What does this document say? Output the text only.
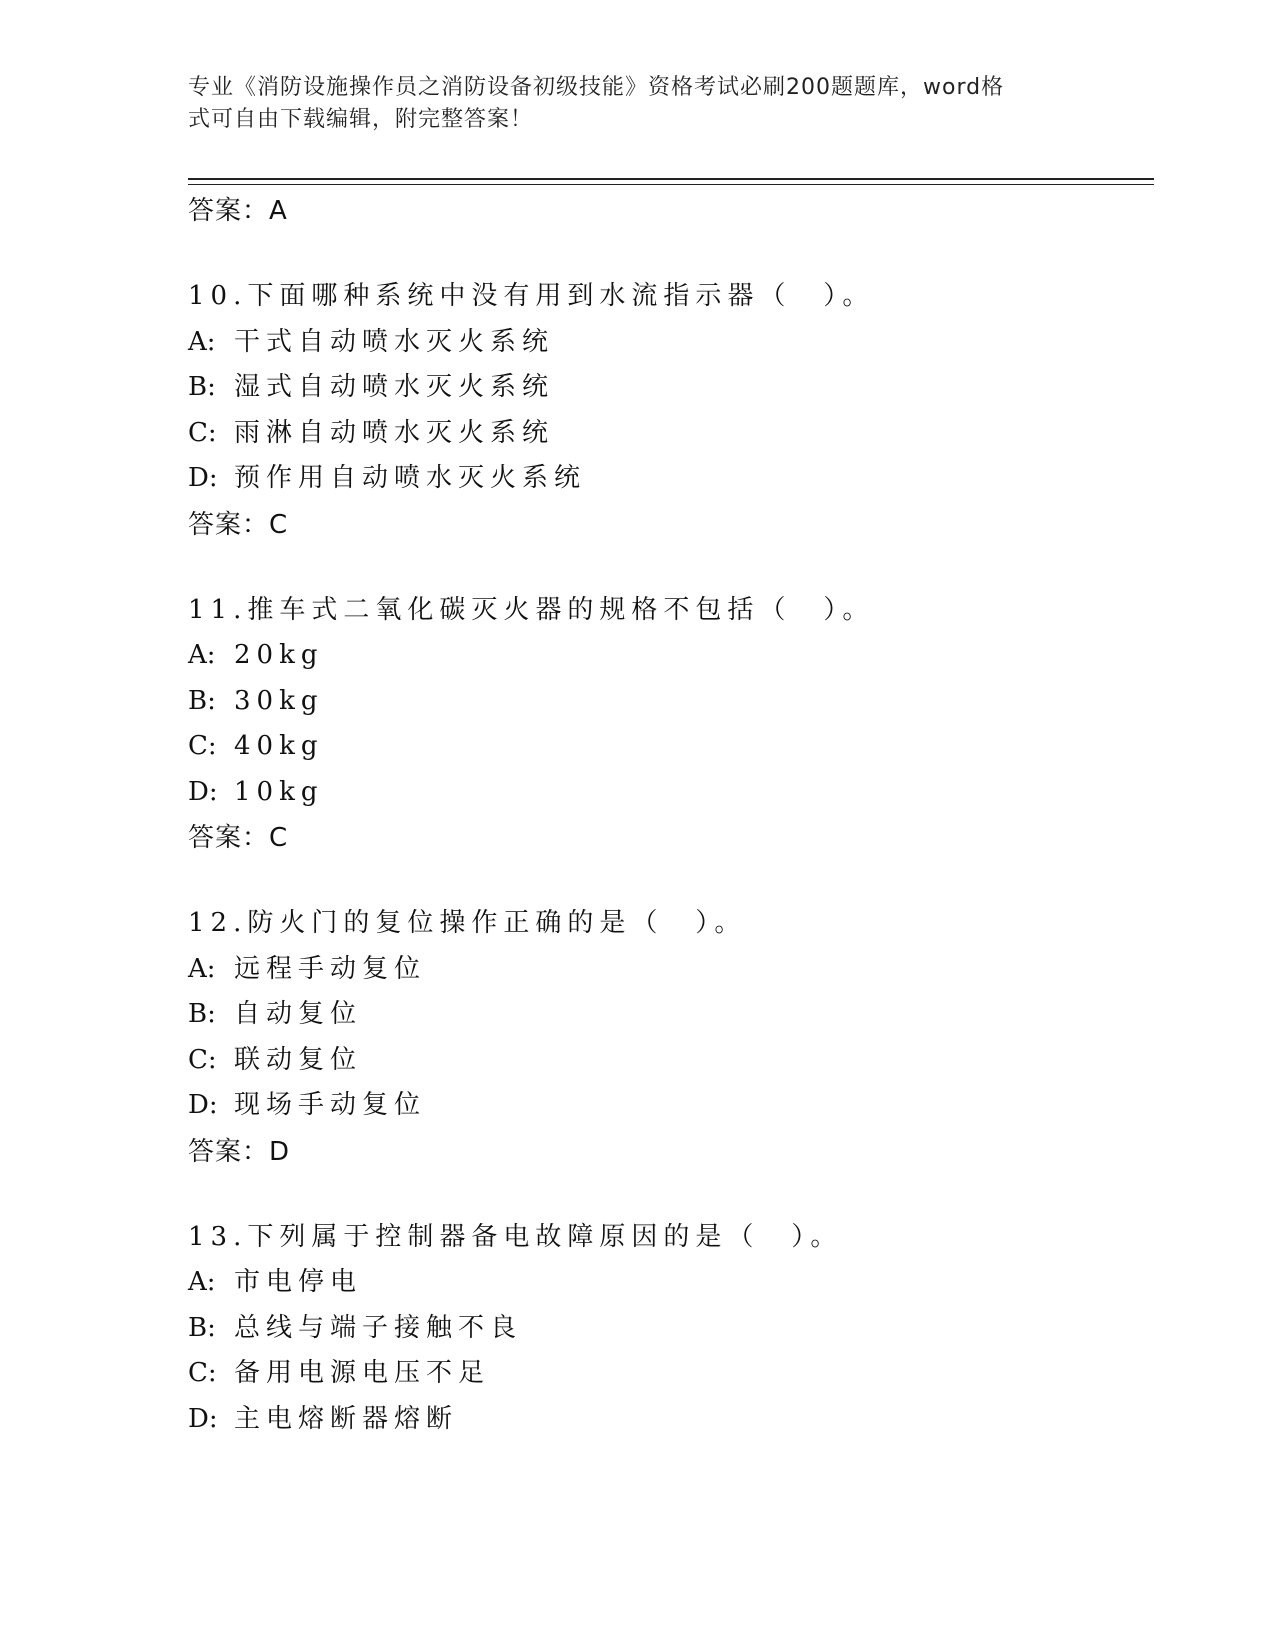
专业《消防设施操作员之消防设备初级技能》资格考试必刷200题题库，word格
式可自由下载编辑，附完整答案！
答案：A
10.下面哪种系统中没有用到水流指示器（　）。
A: 干式自动喷水灭火系统
B: 湿式自动喷水灭火系统
C: 雨淋自动喷水灭火系统
D: 预作用自动喷水灭火系统
答案：C
11.推车式二氧化碳灭火器的规格不包括（　）。
A: 20kg
B: 30kg
C: 40kg
D: 10kg
答案：C
12.防火门的复位操作正确的是（　）。
A: 远程手动复位
B: 自动复位
C: 联动复位
D: 现场手动复位
答案：D
13.下列属于控制器备电故障原因的是（　）。
A: 市电停电
B: 总线与端子接触不良
C: 备用电源电压不足
D: 主电熔断器熔断
